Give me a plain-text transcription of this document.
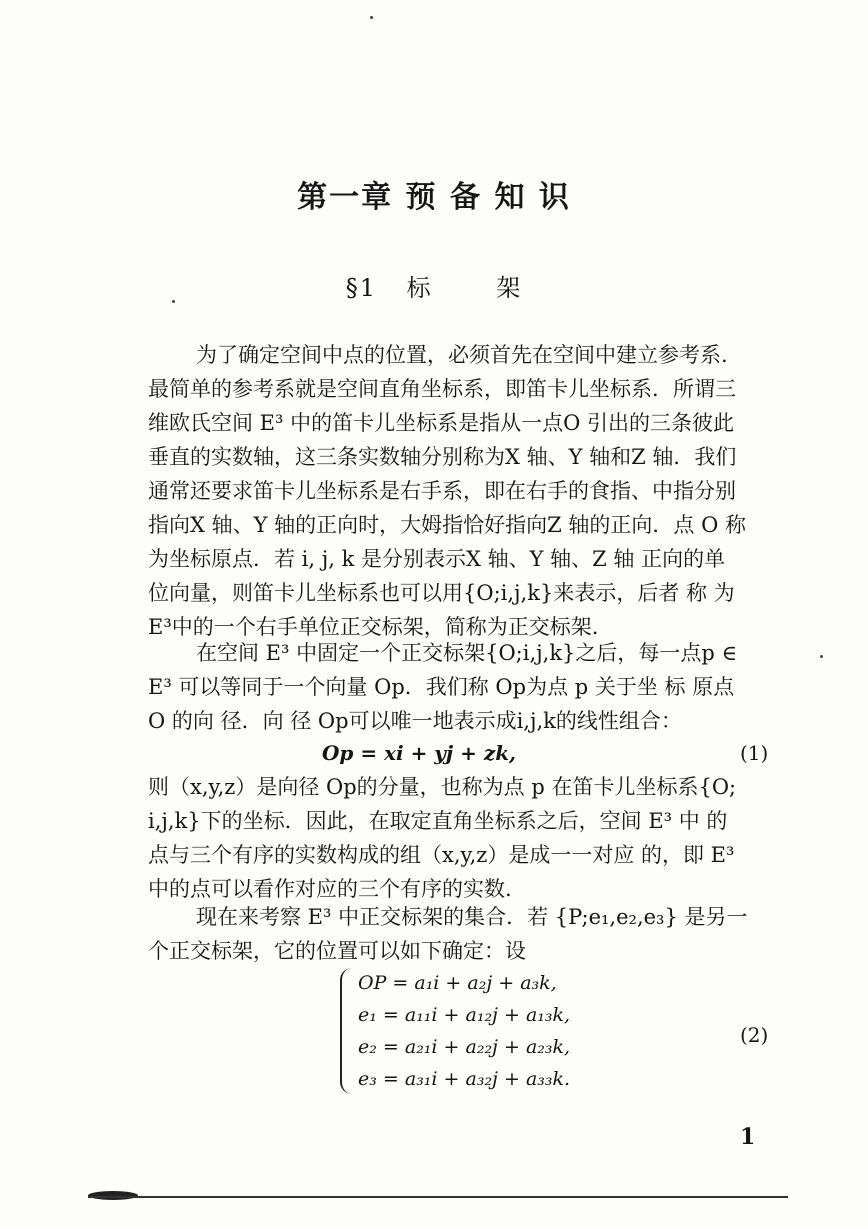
第一章 预 备 知 识
§1 标	架
为了确定空间中点的位置，必须首先在空间中建立参考系.
最简单的参考系就是空间直角坐标系，即笛卡儿坐标系．所谓三
维欧氏空间 E³ 中的笛卡儿坐标系是指从一点O 引出的三条彼此
垂直的实数轴，这三条实数轴分别称为X 轴、Y 轴和Z 轴．我们
通常还要求笛卡儿坐标系是右手系，即在右手的食指、中指分别
指向X 轴、Y 轴的正向时，大姆指恰好指向Z 轴的正向．点 O 称
为坐标原点．若 i, j, k 是分别表示X 轴、Y 轴、Z 轴 正向的单
位向量，则笛卡儿坐标系也可以用{O;i,j,k}来表示，后者 称 为
E³中的一个右手单位正交标架，简称为正交标架.
在空间 E³ 中固定一个正交标架{O;i,j,k}之后，每一点p ∈
E³ 可以等同于一个向量 Op．我们称 Op为点 p 关于坐 标 原点
O 的向 径．向 径 Op可以唯一地表示成i,j,k的线性组合：
Op = xi + yj + zk,	(1)
则（x,y,z）是向径 Op的分量，也称为点 p 在笛卡儿坐标系{O;
i,j,k}下的坐标．因此，在取定直角坐标系之后，空间 E³ 中 的
点与三个有序的实数构成的组（x,y,z）是成一一对应 的，即 E³
中的点可以看作对应的三个有序的实数.
现在来考察 E³ 中正交标架的集合．若 {P;e₁,e₂,e₃} 是另一
个正交标架，它的位置可以如下确定：设
OP = a₁i + a₂j + a₃k,
e₁ = a₁₁i + a₁₂j + a₁₃k,
e₂ = a₂₁i + a₂₂j + a₂₃k,
e₃ = a₃₁i + a₃₂j + a₃₃k.
(2)
1
